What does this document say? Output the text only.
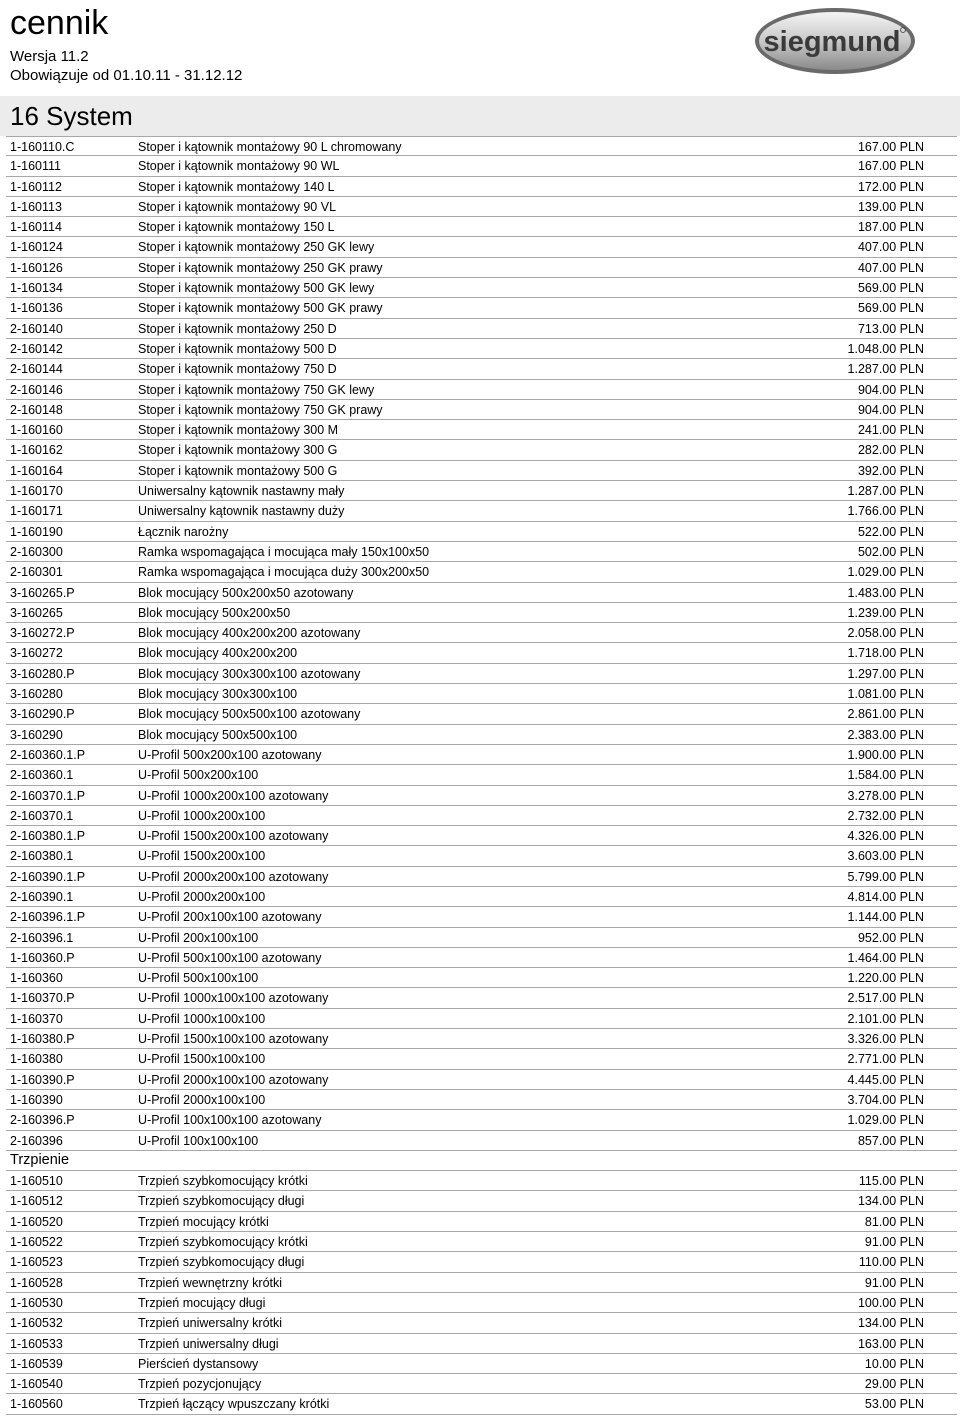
cennik
Wersja 11.2
Obowiązuje od 01.10.11 - 31.12.12
siegmund
16 System
1-160110.C	Stoper i kątownik montażowy 90 L chromowany	167.00 PLN
1-160111	Stoper i kątownik montażowy 90 WL	167.00 PLN
1-160112	Stoper i kątownik montażowy 140 L	172.00 PLN
1-160113	Stoper i kątownik montażowy 90 VL	139.00 PLN
1-160114	Stoper i kątownik montażowy 150 L	187.00 PLN
1-160124	Stoper i kątownik montażowy 250 GK lewy	407.00 PLN
1-160126	Stoper i kątownik montażowy 250 GK prawy	407.00 PLN
1-160134	Stoper i kątownik montażowy 500 GK lewy	569.00 PLN
1-160136	Stoper i kątownik montażowy 500 GK prawy	569.00 PLN
2-160140	Stoper i kątownik montażowy 250 D	713.00 PLN
2-160142	Stoper i kątownik montażowy 500 D	1.048.00 PLN
2-160144	Stoper i kątownik montażowy 750 D	1.287.00 PLN
2-160146	Stoper i kątownik montażowy 750 GK lewy	904.00 PLN
2-160148	Stoper i kątownik montażowy 750 GK prawy	904.00 PLN
1-160160	Stoper i kątownik montażowy 300 M	241.00 PLN
1-160162	Stoper i kątownik montażowy 300 G	282.00 PLN
1-160164	Stoper i kątownik montażowy 500 G	392.00 PLN
1-160170	Uniwersalny kątownik nastawny mały	1.287.00 PLN
1-160171	Uniwersalny kątownik nastawny duży	1.766.00 PLN
1-160190	Łącznik narożny	522.00 PLN
2-160300	Ramka wspomagająca i mocująca mały 150x100x50	502.00 PLN
2-160301	Ramka wspomagająca i mocująca duży 300x200x50	1.029.00 PLN
3-160265.P	Blok mocujący 500x200x50 azotowany	1.483.00 PLN
3-160265	Blok mocujący 500x200x50	1.239.00 PLN
3-160272.P	Blok mocujący 400x200x200 azotowany	2.058.00 PLN
3-160272	Blok mocujący 400x200x200	1.718.00 PLN
3-160280.P	Blok mocujący 300x300x100 azotowany	1.297.00 PLN
3-160280	Blok mocujący 300x300x100	1.081.00 PLN
3-160290.P	Blok mocujący 500x500x100 azotowany	2.861.00 PLN
3-160290	Blok mocujący 500x500x100	2.383.00 PLN
2-160360.1.P	U-Profil 500x200x100 azotowany	1.900.00 PLN
2-160360.1	U-Profil 500x200x100	1.584.00 PLN
2-160370.1.P	U-Profil 1000x200x100 azotowany	3.278.00 PLN
2-160370.1	U-Profil 1000x200x100	2.732.00 PLN
2-160380.1.P	U-Profil 1500x200x100 azotowany	4.326.00 PLN
2-160380.1	U-Profil 1500x200x100	3.603.00 PLN
2-160390.1.P	U-Profil 2000x200x100 azotowany	5.799.00 PLN
2-160390.1	U-Profil 2000x200x100	4.814.00 PLN
2-160396.1.P	U-Profil 200x100x100 azotowany	1.144.00 PLN
2-160396.1	U-Profil 200x100x100	952.00 PLN
1-160360.P	U-Profil 500x100x100 azotowany	1.464.00 PLN
1-160360	U-Profil 500x100x100	1.220.00 PLN
1-160370.P	U-Profil 1000x100x100 azotowany	2.517.00 PLN
1-160370	U-Profil 1000x100x100	2.101.00 PLN
1-160380.P	U-Profil 1500x100x100 azotowany	3.326.00 PLN
1-160380	U-Profil 1500x100x100	2.771.00 PLN
1-160390.P	U-Profil 2000x100x100 azotowany	4.445.00 PLN
1-160390	U-Profil 2000x100x100	3.704.00 PLN
2-160396.P	U-Profil 100x100x100 azotowany	1.029.00 PLN
2-160396	U-Profil 100x100x100	857.00 PLN
Trzpienie
1-160510	Trzpień szybkomocujący krótki	115.00 PLN
1-160512	Trzpień szybkomocujący długi	134.00 PLN
1-160520	Trzpień mocujący krótki	81.00 PLN
1-160522	Trzpień szybkomocujący krótki	91.00 PLN
1-160523	Trzpień szybkomocujący długi	110.00 PLN
1-160528	Trzpień wewnętrzny krótki	91.00 PLN
1-160530	Trzpień mocujący długi	100.00 PLN
1-160532	Trzpień uniwersalny krótki	134.00 PLN
1-160533	Trzpień uniwersalny długi	163.00 PLN
1-160539	Pierścień dystansowy	10.00 PLN
1-160540	Trzpień pozycjonujący	29.00 PLN
1-160560	Trzpień łączący wpuszczany krótki	53.00 PLN
